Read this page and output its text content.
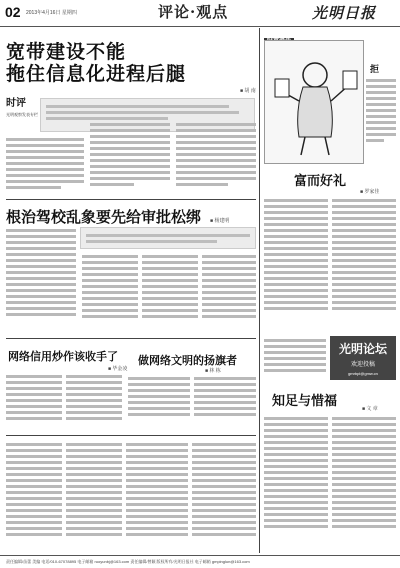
02 2013年4月16日 星期四	评论·观点	光明日报
宽带建设不能
拖住信息化进程后腿
■ 胡 南
时评
光明观察发表专栏
根治驾校乱象要先给审批松绑 ■ 杨建明
网络信用炒作该收手了
■ 毕金凌
做网络文明的扬旗者
■ 林 栋
拒
富而好礼
■ 罗家佳
光明论坛
欢迎投稿
gmrbpl@gmw.cn
知足与惜福	■ 文 章
责任编辑/苗蕾 美编 电话/010-67078895 电子邮箱 ruoyunbj@163.com 责任编辑/曾颖 版权所有/光明日报社 电子邮箱 gmpinglun@163.com
